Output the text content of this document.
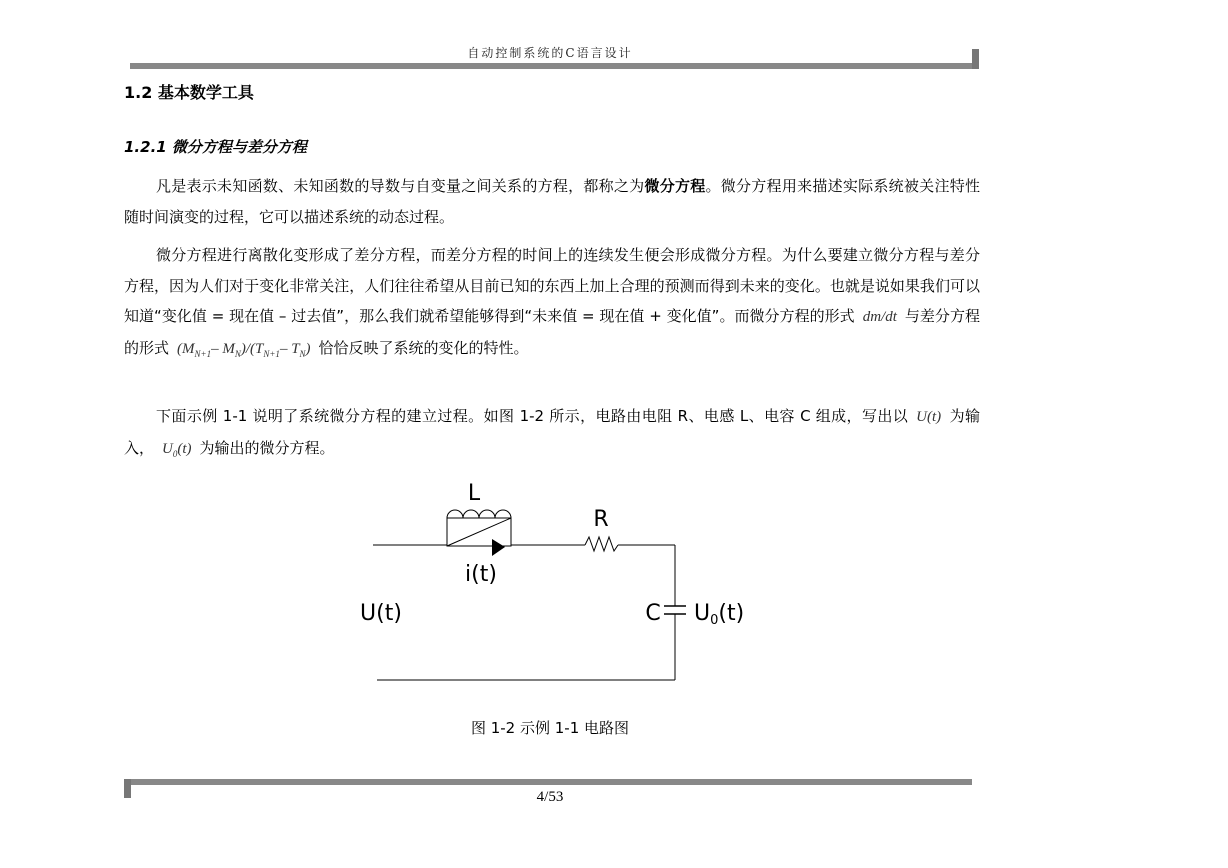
自动控制系统的C语言设计
1.2 基本数学工具
1.2.1 微分方程与差分方程

凡是表示未知函数、未知函数的导数与自变量之间关系的方程，都称之为微分方程。微分方程用来描述实际系统被关注特性随时间演变的过程，它可以描述系统的动态过程。

微分方程进行离散化变形成了差分方程，而差分方程的时间上的连续发生便会形成微分方程。为什么要建立微分方程与差分方程，因为人们对于变化非常关注，人们往往希望从目前已知的东西上加上合理的预测而得到未来的变化。也就是说如果我们可以知道“变化值 = 现在值 – 过去值”，那么我们就希望能够得到“未来值 = 现在值 + 变化值”。而微分方程的形式 dm/dt 与差分方程的形式 ($M_{N+1}-$ $M_N)/(T_{N+1}-$ $T_N$) 恰恰反映了系统的变化的特性。

下面示例 1-1 说明了系统微分方程的建立过程。如图 1-2 所示，电路由电阻 R、电感 L、电容 C 组成，写出以 U(t) 为输入， $U_0(t)$ 为输出的微分方程。

L
R
i(t)
U(t)	C U0(t)
图 1-2 示例 1-1 电路图
4/53
